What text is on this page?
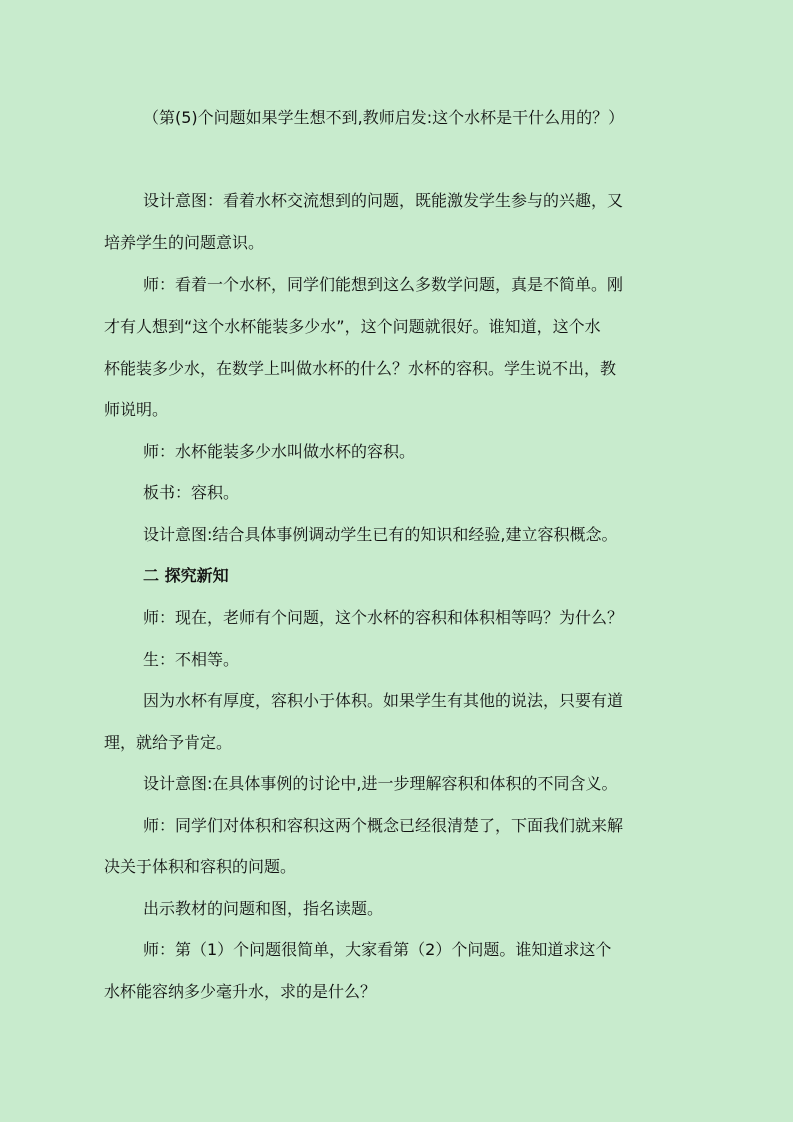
（第(5)个问题如果学生想不到,教师启发:这个水杯是干什么用的？）
设计意图：看着水杯交流想到的问题，既能激发学生参与的兴趣，又
培养学生的问题意识。
师：看着一个水杯，同学们能想到这么多数学问题，真是不简单。刚
才有人想到“这个水杯能装多少水”，这个问题就很好。谁知道，这个水
杯能装多少水，在数学上叫做水杯的什么？水杯的容积。学生说不出，教
师说明。
师：水杯能装多少水叫做水杯的容积。
板书：容积。
设计意图:结合具体事例调动学生已有的知识和经验,建立容积概念。
二 探究新知
师：现在，老师有个问题，这个水杯的容积和体积相等吗？为什么？
生：不相等。
因为水杯有厚度，容积小于体积。如果学生有其他的说法，只要有道
理，就给予肯定。
设计意图:在具体事例的讨论中,进一步理解容积和体积的不同含义。
师：同学们对体积和容积这两个概念已经很清楚了，下面我们就来解
决关于体积和容积的问题。
出示教材的问题和图，指名读题。
师：第（1）个问题很简单，大家看第（2）个问题。谁知道求这个
水杯能容纳多少毫升水，求的是什么？
